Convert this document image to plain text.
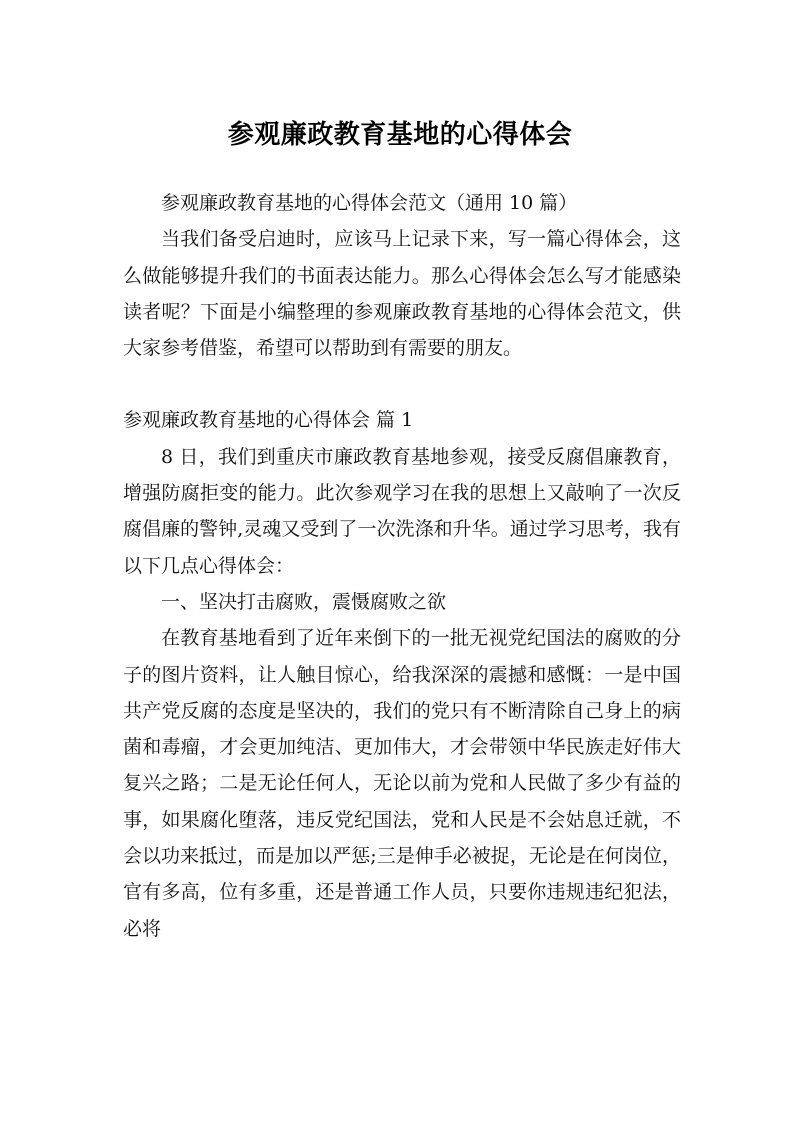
参观廉政教育基地的心得体会

参观廉政教育基地的心得体会范文（通用 10 篇）

当我们备受启迪时，应该马上记录下来，写一篇心得体会，这么做能够提升我们的书面表达能力。那么心得体会怎么写才能感染读者呢？下面是小编整理的参观廉政教育基地的心得体会范文，供大家参考借鉴，希望可以帮助到有需要的朋友。

参观廉政教育基地的心得体会 篇 1

8 日，我们到重庆市廉政教育基地参观，接受反腐倡廉教育，增强防腐拒变的能力。此次参观学习在我的思想上又敲响了一次反腐倡廉的警钟,灵魂又受到了一次洗涤和升华。通过学习思考，我有以下几点心得体会：

一、坚决打击腐败，震慑腐败之欲

在教育基地看到了近年来倒下的一批无视党纪国法的腐败的分子的图片资料，让人触目惊心，给我深深的震撼和感慨：一是中国共产党反腐的态度是坚决的，我们的党只有不断清除自己身上的病菌和毒瘤，才会更加纯洁、更加伟大，才会带领中华民族走好伟大复兴之路；二是无论任何人，无论以前为党和人民做了多少有益的事，如果腐化堕落，违反党纪国法，党和人民是不会姑息迁就，不会以功来抵过，而是加以严惩;三是伸手必被捉，无论是在何岗位，官有多高，位有多重，还是普通工作人员，只要你违规违纪犯法，必将
